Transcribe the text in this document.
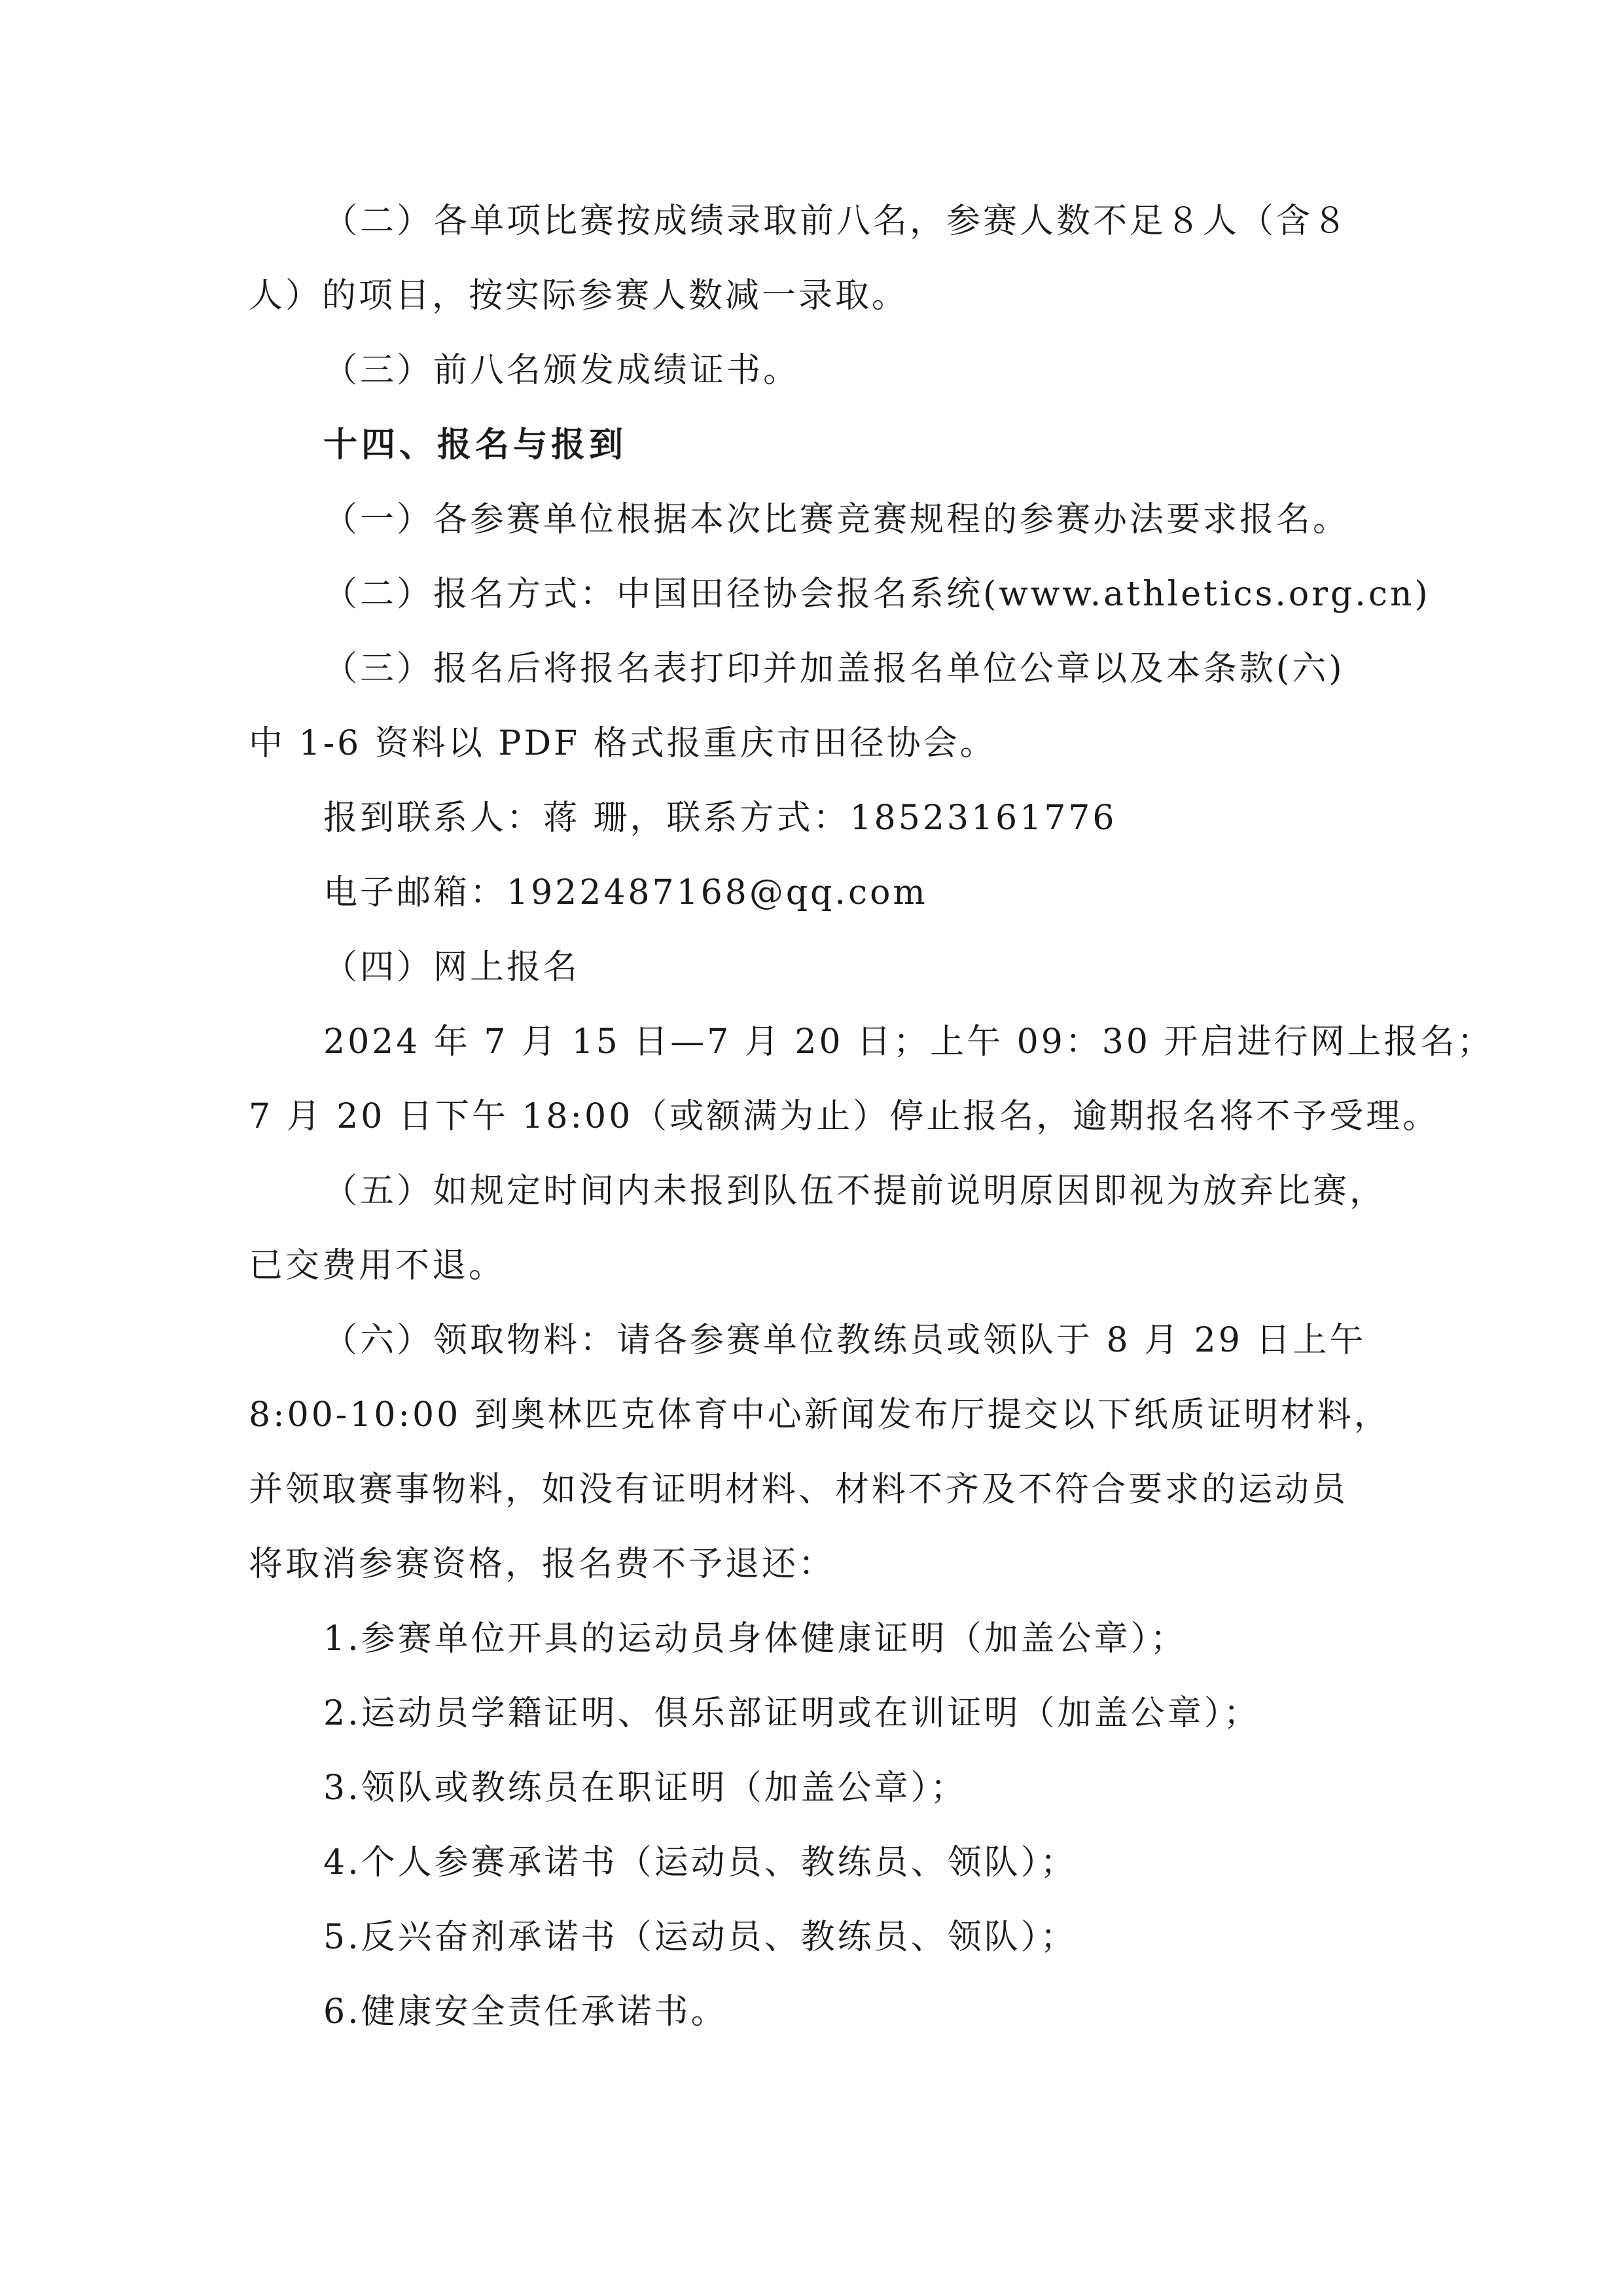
（二）各单项比赛按成绩录取前八名，参赛人数不足８人（含８

人）的项目，按实际参赛人数减一录取。

（三）前八名颁发成绩证书。

十四、报名与报到

（一）各参赛单位根据本次比赛竞赛规程的参赛办法要求报名。

（二）报名方式：中国田径协会报名系统(www.athletics.org.cn)

（三）报名后将报名表打印并加盖报名单位公章以及本条款(六)

中 1-6 资料以 PDF 格式报重庆市田径协会。

报到联系人：蒋 珊，联系方式：18523161776

电子邮箱：1922487168@qq.com

（四）网上报名

2024 年 7 月 15 日—7 月 20 日；上午 09：30 开启进行网上报名；

7 月 20 日下午 18:00（或额满为止）停止报名，逾期报名将不予受理。

（五）如规定时间内未报到队伍不提前说明原因即视为放弃比赛，

已交费用不退。

（六）领取物料：请各参赛单位教练员或领队于 8 月 29 日上午

8:00-10:00 到奥林匹克体育中心新闻发布厅提交以下纸质证明材料，

并领取赛事物料，如没有证明材料、材料不齐及不符合要求的运动员

将取消参赛资格，报名费不予退还：

1.参赛单位开具的运动员身体健康证明（加盖公章）；

2.运动员学籍证明、俱乐部证明或在训证明（加盖公章）；

3.领队或教练员在职证明（加盖公章）；

4.个人参赛承诺书（运动员、教练员、领队）；

5.反兴奋剂承诺书（运动员、教练员、领队）；

6.健康安全责任承诺书。
